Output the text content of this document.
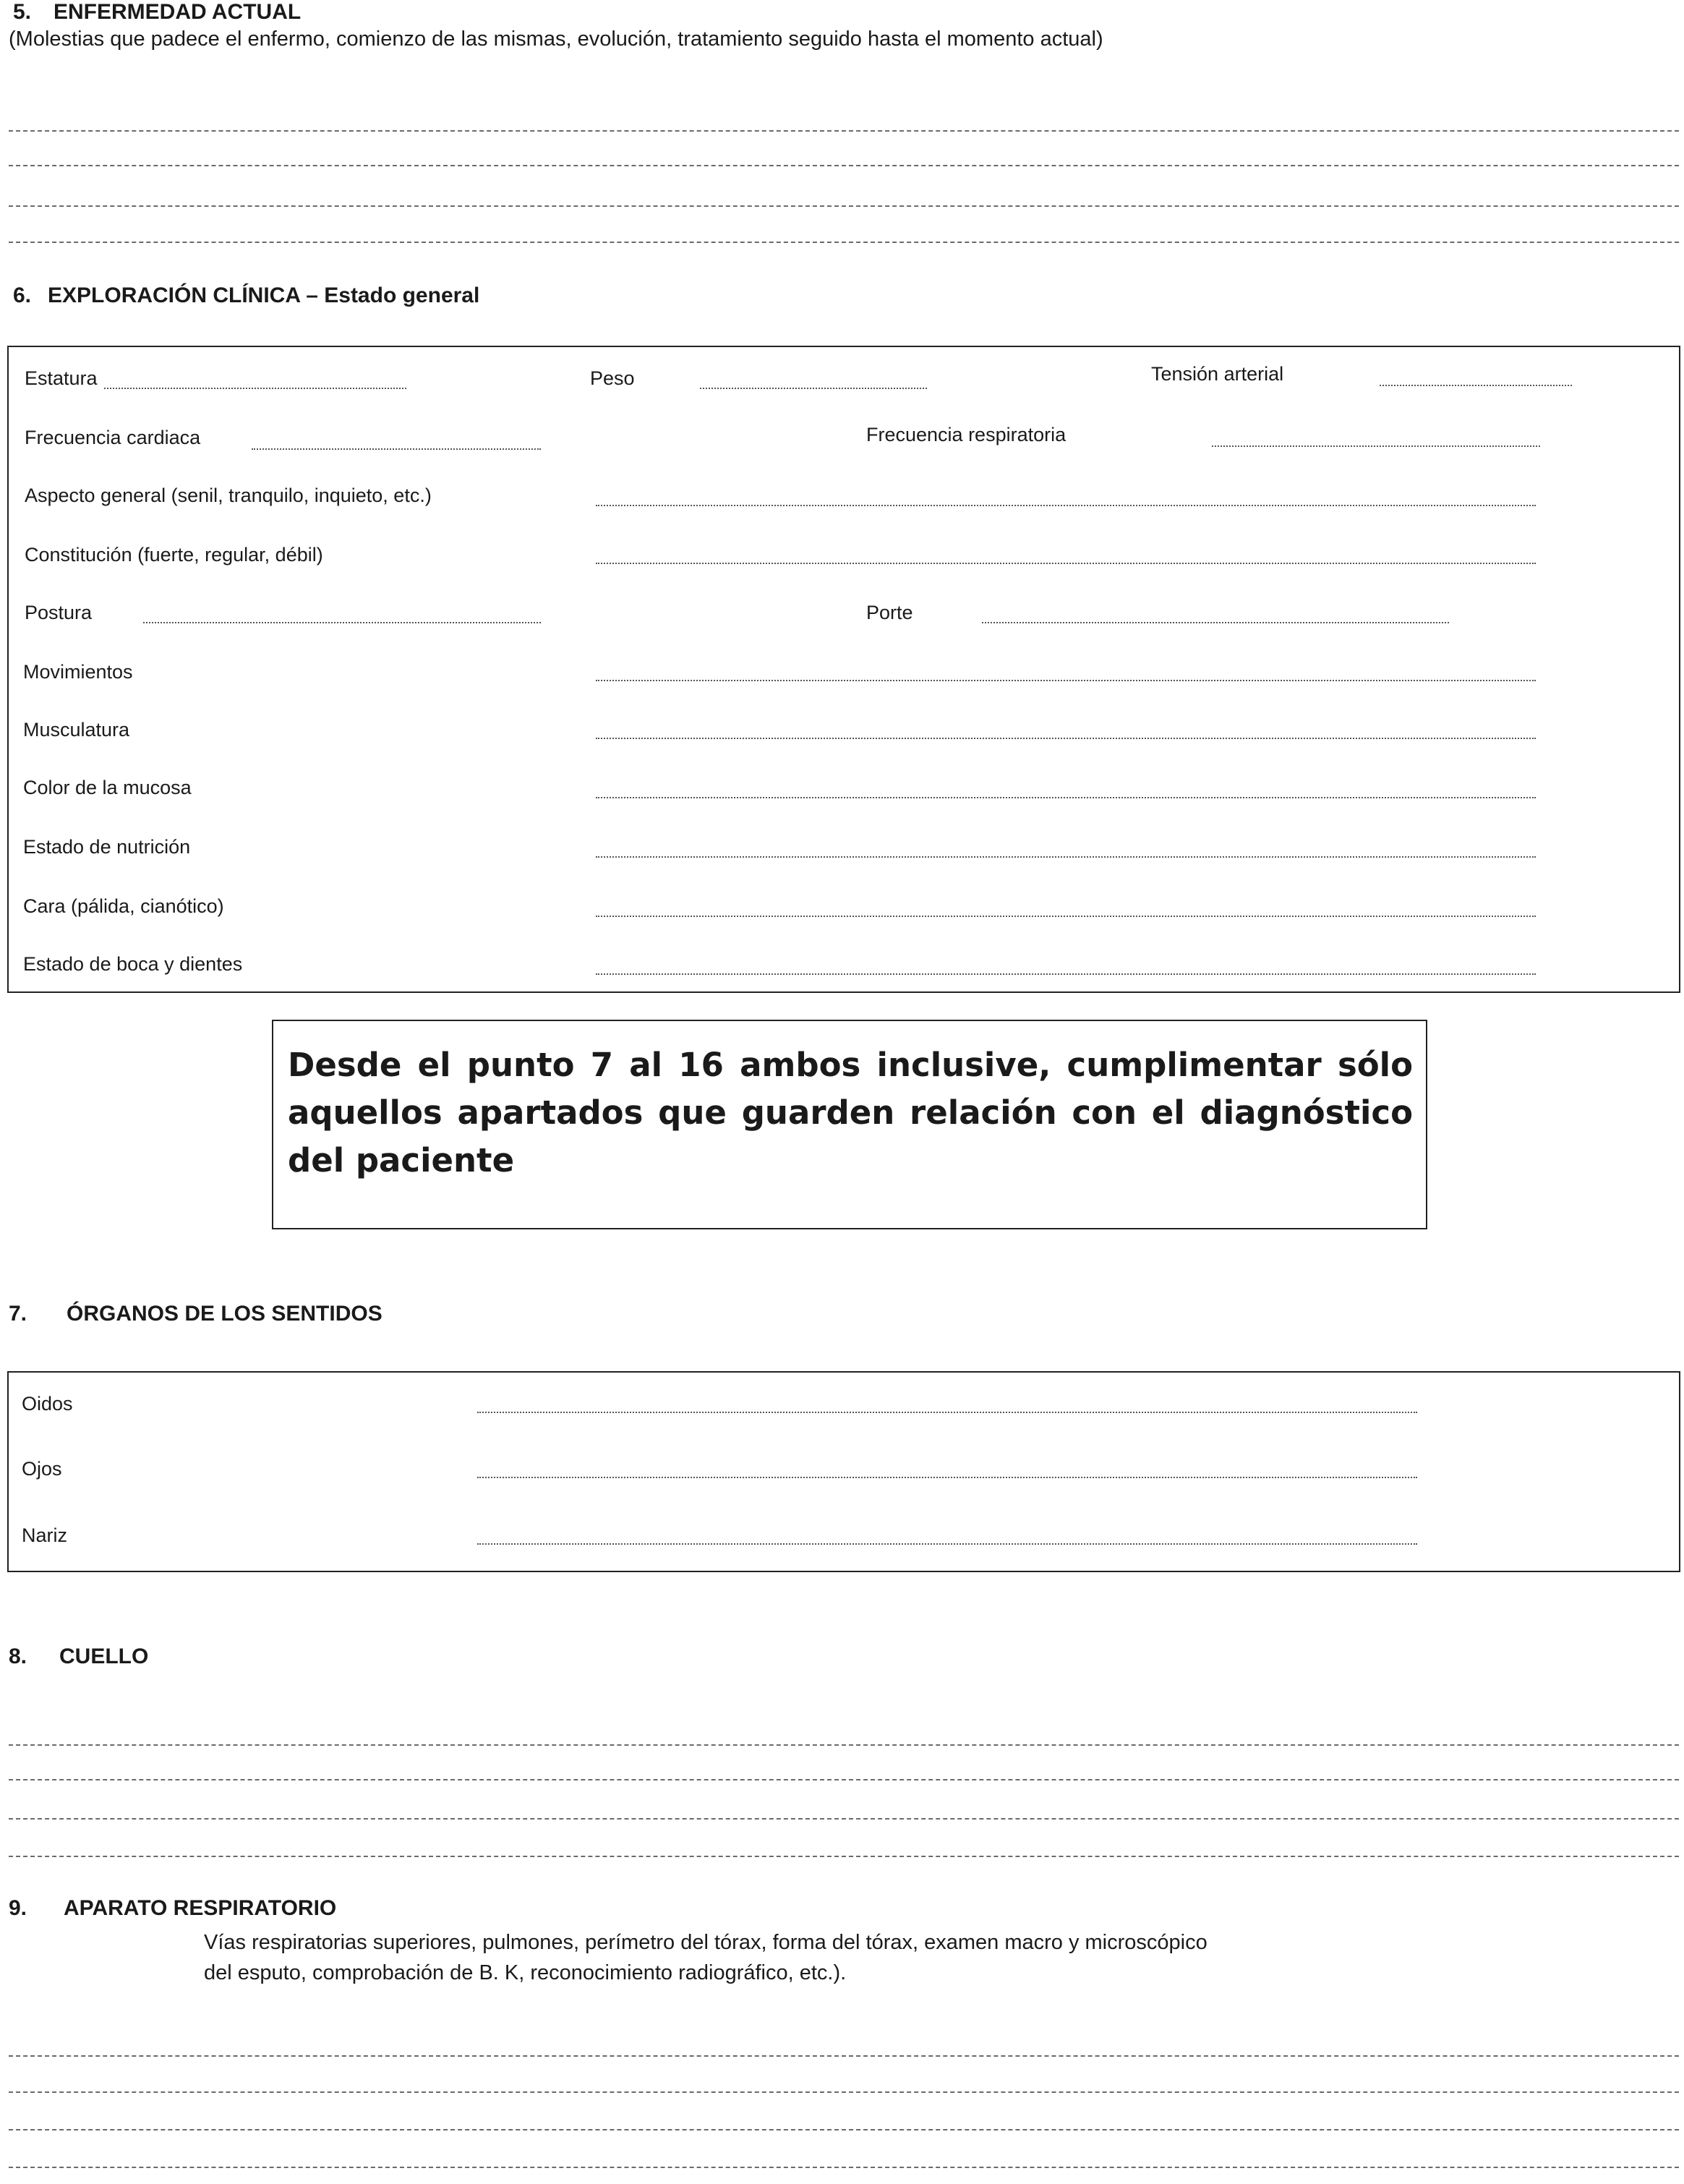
5. ENFERMEDAD ACTUAL
(Molestias que padece el enfermo, comienzo de las mismas, evolución, tratamiento seguido hasta el momento actual)
6. EXPLORACIÓN CLÍNICA – Estado general
Estatura	Peso	Tensión arterial
Frecuencia cardiaca	Frecuencia respiratoria
Aspecto general (senil, tranquilo, inquieto, etc.)
Constitución (fuerte, regular, débil)
Postura	Porte
Movimientos
Musculatura
Color de la mucosa
Estado de nutrición
Cara (pálida, cianótico)
Estado de boca y dientes
Desde el punto 7 al 16 ambos inclusive, cumplimentar sólo aquellos apartados que guarden relación con el diagnóstico del paciente
7. ÓRGANOS DE LOS SENTIDOS
Oidos
Ojos
Nariz
8. CUELLO
9. APARATO RESPIRATORIO
Vías respiratorias superiores, pulmones, perímetro del tórax, forma del tórax, examen macro y microscópico
del esputo, comprobación de B. K, reconocimiento radiográfico, etc.).
